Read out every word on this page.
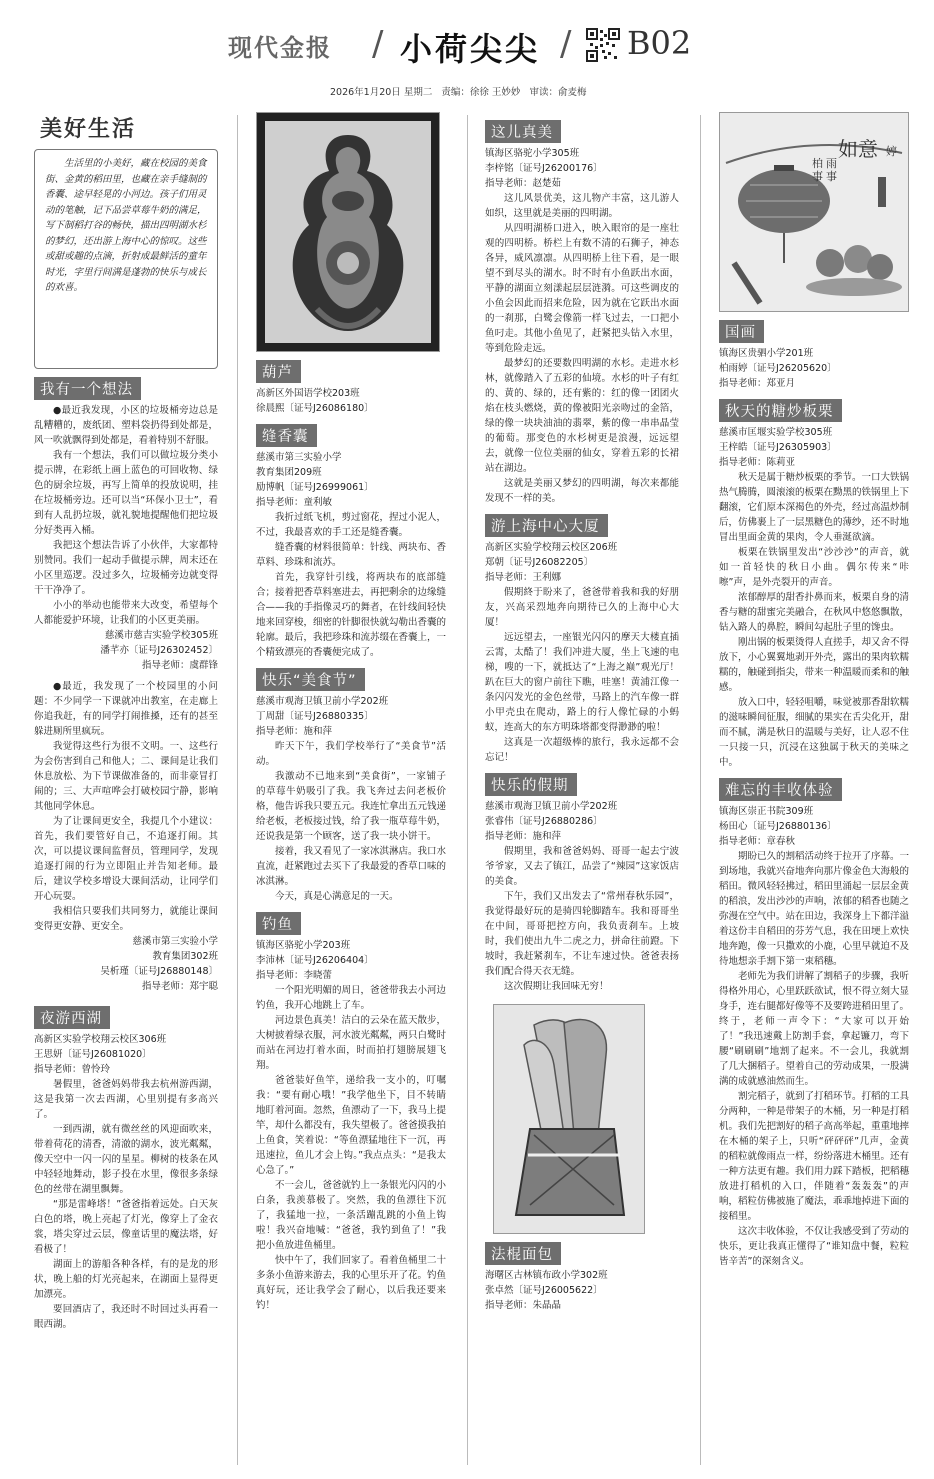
现代金报 / 小荷尖尖 / B02
2026年1月20日 星期二 责编：徐徐 王妙妙 审读：俞麦梅
美好生活
生活里的小美好，藏在校园的美食街、金黄的稻田里，也藏在亲手缝制的香囊、途早轻晃的小河边。孩子们用灵动的笔触，记下品尝草莓牛奶的满足，写下制稻打谷的畅快，描出四明湖水杉的梦幻，还出游上海中心的惊叹。这些或甜或趣的点滴，折射成最鲜活的童年时光，字里行间满是蓬勃的快乐与成长的欢喜。
我有一个想法

●最近我发现，小区的垃圾桶旁边总是乱糟糟的，废纸团、塑料袋扔得到处都是，风一吹就飘得到处都是，看着特别不舒服。

我有一个想法，我们可以做垃圾分类小提示牌，在彩纸上画上蓝色的可回收物、绿色的厨余垃圾，再写上简单的投放说明，挂在垃圾桶旁边。还可以当“环保小卫士”，看到有人乱扔垃圾，就礼貌地提醒他们把垃圾分好类再入桶。

我把这个想法告诉了小伙伴，大家都特别赞同。我们一起动手做提示牌，周末还在小区里巡逻。没过多久，垃圾桶旁边就变得干干净净了。

小小的举动也能带来大改变，希望每个人都能爱护环境，让我们的小区更美丽。

慈溪市慈吉实验学校305班
潘芊亦〔证号J26302452〕
指导老师：虞群锋

●最近，我发现了一个校园里的小问题：不少同学一下课就冲出教室，在走廊上你追我赶，有的同学打闹推搡，还有的甚至躲进厕所里疯玩。

我觉得这些行为很不文明。一、这些行为会伤害到自己和他人；二、课间是让我们休息放松、为下节课做准备的，而非豪冒打闹的；三、大声喧哗会打破校园宁静，影响其他同学休息。

为了让课间更安全，我提几个小建议：首先，我们要管好自己，不追逐打闹。其次，可以提议课间监督员，管理同学，发现追逐打闹的行为立即阻止并告知老师。最后，建议学校多增设大课间活动，让同学们开心玩耍。

我相信只要我们共同努力，就能让课间变得更安静、更安全。

慈溪市第三实验小学
教育集团302班
吴析瑾〔证号J26880148〕
指导老师：郑宇聪
夜游西湖
高新区实验学校翔云校区306班
王思妍〔证号J26081020〕
指导老师：曾怜玲

暑假里，爸爸妈妈带我去杭州游西湖，这是我第一次去西湖，心里别提有多高兴了。

一到西湖，就有微丝丝的风迎面吹来，带着荷花的清香，清澈的湖水，波光粼粼，像天空中一闪一闪的星星。柳树的枝条在风中轻轻地舞动，影子投在水里，像很多条绿色的丝带在湖里飘舞。

“那是雷峰塔！”爸爸指着远处。白天灰白色的塔，晚上亮起了灯光，像穿上了金衣裳，塔尖穿过云层，像童话里的魔法塔，好看极了！

湖面上的游船各种各样，有的是龙的形状，晚上船的灯光亮起来，在湖面上显得更加漂亮。

要回酒店了，我还时不时回过头再看一眼西湖。

葫芦
高新区外国语学校203班
徐晨熙〔证号J26086180〕
缝香囊
慈溪市第三实验小学
教育集团209班
励博帆〔证号J26999061〕
指导老师：童利敏

我折过纸飞机，剪过窗花，捏过小泥人，不过，我最喜欢的手工还是缝香囊。

缝香囊的材料很简单：针线、两块布、香草料、珍珠和流苏。

首先，我穿针引线，将两块布的底部缝合；接着把香草料塞进去，再把剩余的边缘缝合——我的手指像灵巧的舞者，在针线间轻快地来回穿梭，细密的针脚很快就勾勒出香囊的轮廓。最后，我把珍珠和流苏缀在香囊上，一个精致漂亮的香囊便完成了。

快乐“美食节”
慈溪市观海卫镇卫前小学202班
丁周甜〔证号J26880335〕
指导老师：施和萍

昨天下午，我们学校举行了“美食节”活动。

我激动不已地来到“美食街”，一家铺子的草莓牛奶吸引了我。我飞奔过去问老板价格，他告诉我只要五元。我连忙拿出五元钱递给老板，老板接过钱，给了我一瓶草莓牛奶，还说我是第一个顾客，送了我一块小饼干。

接着，我又看见了一家冰淇淋店。我口水直流，赶紧跑过去买下了我最爱的香草口味的冰淇淋。

今天，真是心满意足的一天。

钓鱼
镇海区骆驼小学203班
李沛林〔证号J26206404〕
指导老师：李晓蕾

一个阳光明媚的周日，爸爸带我去小河边钓鱼，我开心地跳上了车。

河边景色真美！洁白的云朵在蓝天散步，大树披着绿衣服，河水波光粼粼，两只白鹭时而站在河边打着水面，时而拍打翅膀展翅飞翔。

爸爸装好鱼竿，递给我一支小的，叮嘱我：“要有耐心哦！”我学他坐下，目不转睛地盯着河面。忽然，鱼漂动了一下，我马上提竿，却什么都没有，我失望极了。爸爸摸我拍上鱼食，笑着说：“等鱼漂猛地往下一沉，再迅速拉，鱼儿才会上钩。”我点点头：“是我太心急了。”

不一会儿，爸爸就钓上一条银光闪闪的小白条，我羡慕极了。突然，我的鱼漂往下沉了，我猛地一拉，一条活蹦乱跳的小鱼上钩啦！我兴奋地喊：“爸爸，我钓到鱼了！”我把小鱼放进鱼桶里。

快中午了，我们回家了。看着鱼桶里二十多条小鱼游来游去，我的心里乐开了花。钓鱼真好玩，还让我学会了耐心，以后我还要来钓！

这儿真美
镇海区骆驼小学305班
李梓铭〔证号J26200176〕
指导老师：赵楚茹

这儿风景优美，这儿物产丰富，这儿游人如织，这里就是美丽的四明湖。

从四明湖桥口进入，映入眼帘的是一座壮观的四明桥。桥栏上有数不清的石狮子，神态各异，威风凛凛。从四明桥上往下看，是一眼望不到尽头的湖水。时不时有小鱼跃出水面，平静的湖面立刻漾起层层涟漪。可这些调皮的小鱼会因此而招来危险，因为就在它跃出水面的一刹那，白鹭会像箭一样飞过去，一口把小鱼叼走。其他小鱼见了，赶紧把头钻入水里，等到危险走远。

最梦幻的还要数四明湖的水杉。走进水杉林，就像踏入了五彩的仙境。水杉的叶子有红的、黄的、绿的，还有紫的：红的像一团团火焰在枝头燃烧，黄的像被阳光亲吻过的金箔，绿的像一块块油油的翡翠，紫的像一串串晶莹的葡萄。那变色的水杉树更是浪漫，远远望去，就像一位位美丽的仙女，穿着五彩的长裙站在湖边。

这就是美丽又梦幻的四明湖，每次来都能发现不一样的美。

游上海中心大厦
高新区实验学校翔云校区206班
郑朝〔证号J26082205〕
指导老师：王利娜

假期終于盼来了，爸爸带着我和我的好朋友，兴高采烈地奔向期待已久的上海中心大厦！

远远望去，一座银光闪闪的摩天大楼直插云霄，太酷了！我们冲进大厦，坐上飞速的电梯，嗖的一下，就抵达了“上海之巅”观光厅！趴在巨大的窗户前往下瞧，哇塞！黄浦江像一条闪闪发光的金色丝带，马路上的汽车像一群小甲壳虫在爬动，路上的行人像忙碌的小蚂蚁，连高大的东方明珠塔都变得渺渺的啦！

这真是一次超级棒的旅行，我永远都不会忘记！

快乐的假期
慈溪市观海卫镇卫前小学202班
张睿伟〔证号J26880286〕
指导老师：施和萍

假期里，我和爸爸妈妈、哥哥一起去宁波爷爷家，又去了镇江，品尝了“辣园”这家饭店的美食。

下午，我们又出发去了“常州春秋乐园”，我觉得最好玩的是骑四轮脚踏车。我和哥哥坐在中间，哥哥把控方向，我负责刹车。上坡时，我们使出九牛二虎之力，拼命往前蹬。下坡时，我赶紧刹车，不让车速过快。爸爸表扬我们配合得天衣无缝。

这次假期让我回味无穷！

法棍面包
海曙区古林镇布政小学302班
张卓然〔证号J26005622〕
指导老师：朱晶晶
如意
柏事
雨事
婷
国画
镇海区贵驷小学201班
柏雨婷〔证号J26205620〕
指导老师：郑亚月
秋天的糖炒板栗
慈溪市匡堰实验学校305班
王梓皓〔证号J26305903〕
指导老师：陈莉亚

秋天是属于糖炒板栗的季节。一口大铁锅热气腾腾，圆滚滚的板栗在黝黑的铁锅里上下翻滚，它们原本深褐色的外壳，经过高温炒制后，仿佛裹上了一层黑糖色的薄纱，还不时地冒出里面金黄的果肉，令人垂涎欲滴。

板栗在铁锅里发出“沙沙沙”的声音，就如一首轻快的秋日小曲。偶尔传来“咔嚓”声，是外壳裂开的声音。

浓郁醇厚的甜香扑鼻而来，板栗自身的清香与糖的甜蜜完美融合，在秋风中悠悠飘散，钻入路人的鼻腔，瞬间勾起肚子里的馋虫。

刚出锅的板栗烫得人直搓手，却又舍不得放下，小心翼翼地剥开外壳，露出的果肉软糯糯的，触碰到指尖，带来一种温暖而柔和的触感。

放入口中，轻轻咀嚼，味觉被那香甜软糯的滋味瞬间征服，细腻的果实在舌尖化开，甜而不腻，满是秋日的温暖与美好，让人忍不住一只接一只，沉浸在这独属于秋天的美味之中。

难忘的丰收体验
镇海区崇正书院309班
杨田心〔证号J26880136〕
指导老师：章春秋

期盼已久的割稻活动终于拉开了序幕。一到场地，我就兴奋地奔向那片像金色大海般的稻田。微风轻轻拂过，稻田里涌起一层层金黄的稻浪，发出沙沙的声响，浓郁的稻香也随之弥漫在空气中。站在田边，我深身上下都洋溢着这份丰自稻田的芬芳气息，我在田埂上欢快地奔跑，像一只撒欢的小鹿，心里早就迫不及待地想亲手割下第一束稻穗。

老师先为我们讲解了割稻子的步骤，我听得格外用心，心里跃跃欲试，恨不得立刻大显身手，连右腿都好像等不及要跨进稻田里了。终于，老师一声令下：“大家可以开始了！”我迅速戴上防割手套，拿起镰刀，弯下腰“刷刷刷”地割了起来。不一会儿，我就割了几大捆稻子。望着自己的劳动成果，一股满满的成就感油然而生。

割完稻子，就到了打稻环节。打稻的工具分两种，一种是带架子的木桶，另一种是打稻机。我们先把割好的稻子高高举起，重重地摔在木桶的架子上，只听“砰砰砰”几声，金黄的稻粒就像雨点一样，纷纷落进木桶里。还有一种方法更有趣。我们用力踩下踏板，把稻穗放进打稻机的入口，伴随着“轰轰轰”的声响，稻粒仿佛被施了魔法，乖乖地掉进下面的接稻里。

这次丰收体验，不仅让我感受到了劳动的快乐，更让我真正懂得了“谁知盘中餐，粒粒皆辛苦”的深刻含义。
